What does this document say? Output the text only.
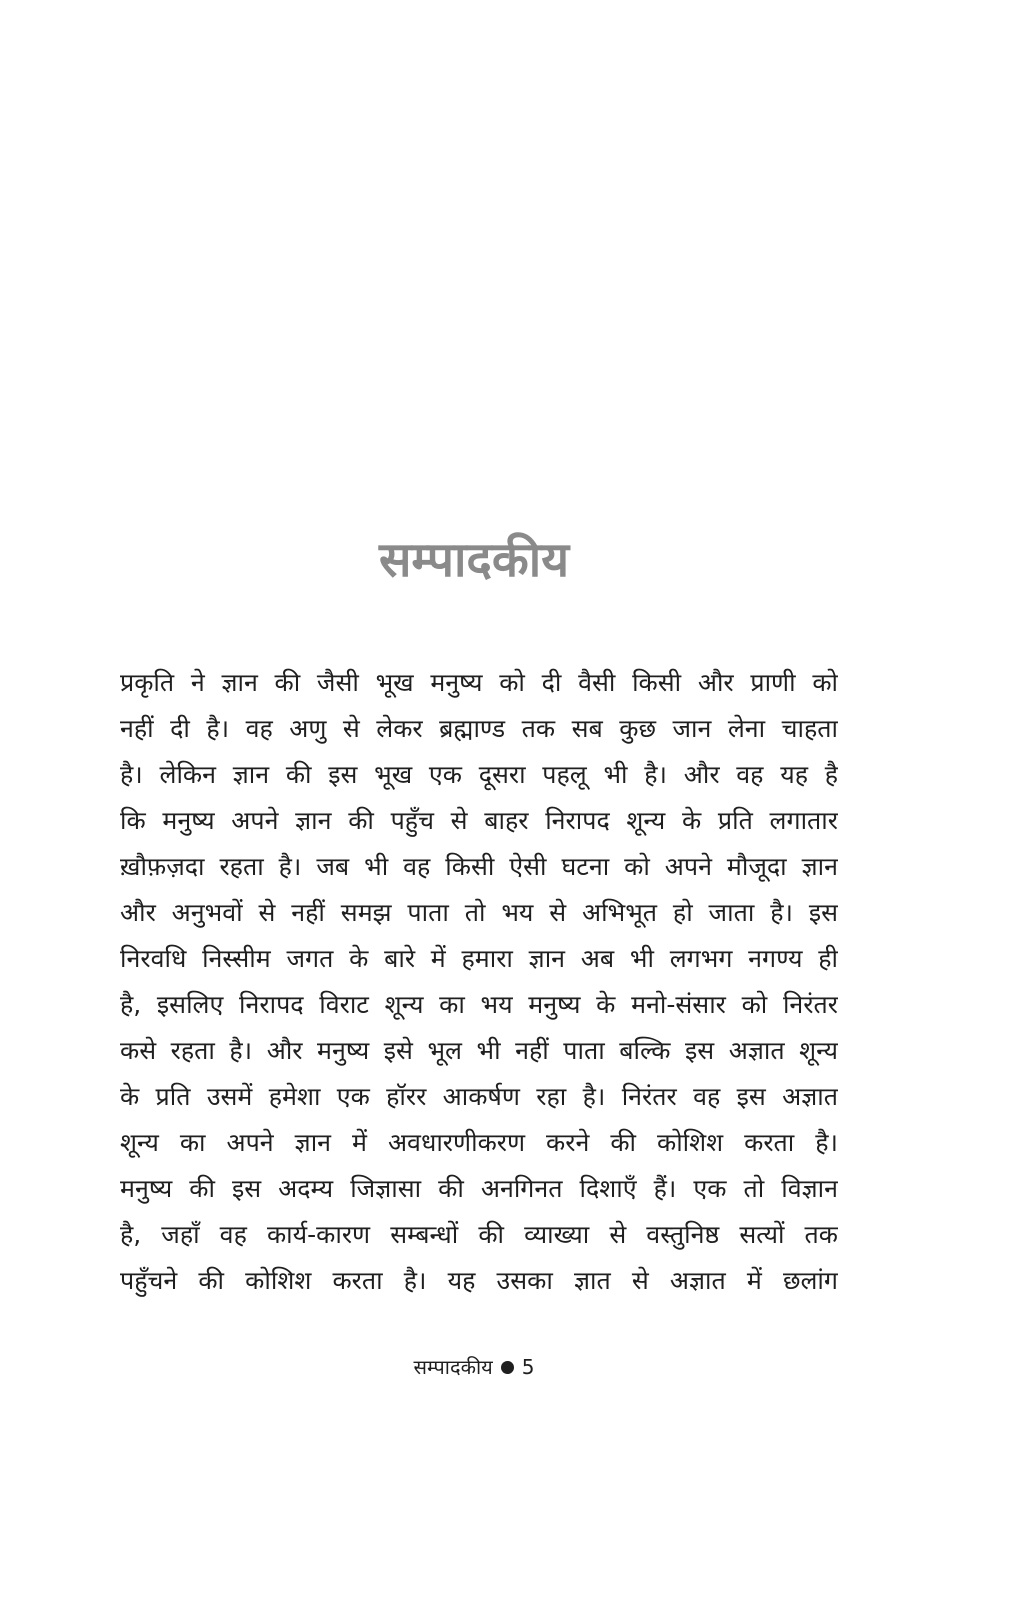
सम्पादकीय
प्रकृति ने ज्ञान की जैसी भूख मनुष्य को दी वैसी किसी और प्राणी को
नहीं दी है। वह अणु से लेकर ब्रह्माण्ड तक सब कुछ जान लेना चाहता
है। लेकिन ज्ञान की इस भूख एक दूसरा पहलू भी है। और वह यह है
कि मनुष्य अपने ज्ञान की पहुँच से बाहर निरापद शून्य के प्रति लगातार
ख़ौफ़ज़दा रहता है। जब भी वह किसी ऐसी घटना को अपने मौजूदा ज्ञान
और अनुभवों से नहीं समझ पाता तो भय से अभिभूत हो जाता है। इस
निरवधि निस्सीम जगत के बारे में हमारा ज्ञान अब भी लगभग नगण्य ही
है, इसलिए निरापद विराट शून्य का भय मनुष्य के मनो-संसार को निरंतर
कसे रहता है। और मनुष्य इसे भूल भी नहीं पाता बल्कि इस अज्ञात शून्य
के प्रति उसमें हमेशा एक हॉरर आकर्षण रहा है। निरंतर वह इस अज्ञात
शून्य का अपने ज्ञान में अवधारणीकरण करने की कोशिश करता है।
मनुष्य की इस अदम्य जिज्ञासा की अनगिनत दिशाएँ हैं। एक तो विज्ञान
है, जहाँ वह कार्य-कारण सम्बन्धों की व्याख्या से वस्तुनिष्ठ सत्यों तक
पहुँचने की कोशिश करता है। यह उसका ज्ञात से अज्ञात में छलांग
सम्पादकीय 5
